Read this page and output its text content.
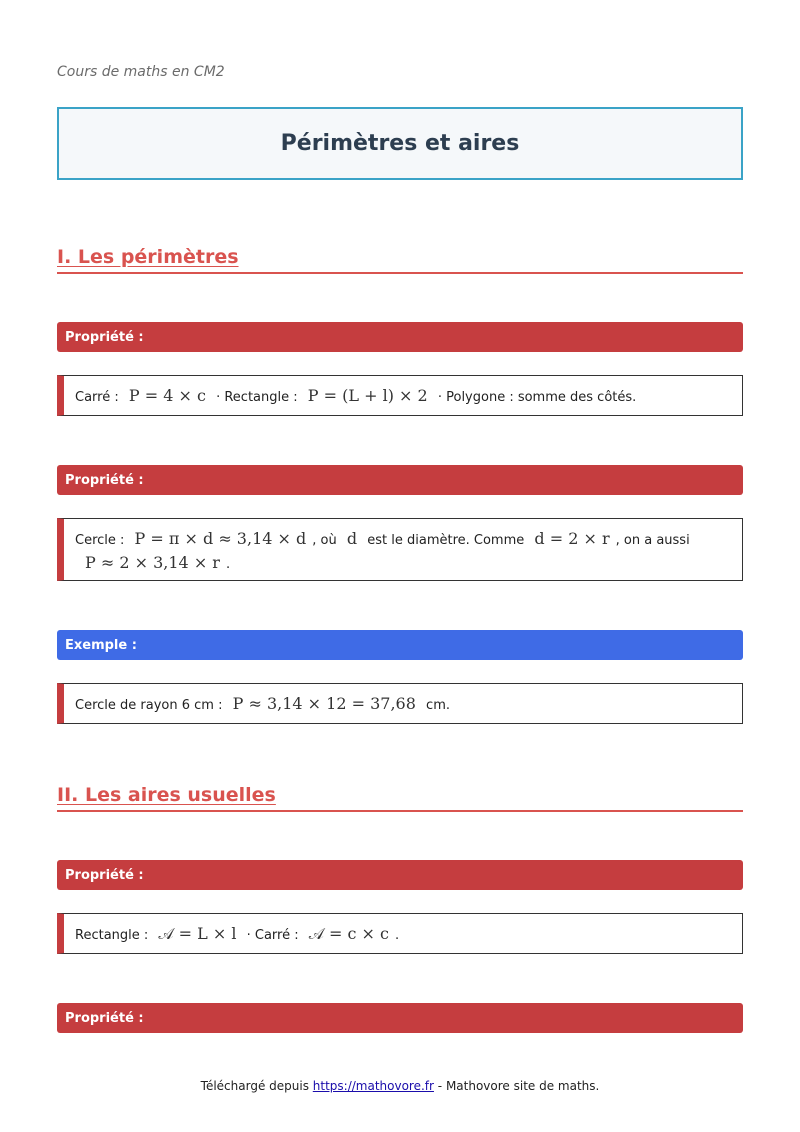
Cours de maths en CM2
Périmètres et aires
I. Les périmètres
Propriété :
Carré : P = 4 × c · Rectangle : P = (L + l) × 2 · Polygone : somme des côtés.
Propriété :
Cercle : P = π × d ≈ 3,14 × d , où d est le diamètre. Comme d = 2 × r , on a aussi
P ≈ 2 × 3,14 × r .
Exemple :
Cercle de rayon 6 cm : P ≈ 3,14 × 12 = 37,68 cm.
II. Les aires usuelles
Propriété :
Rectangle : 𝒜 = L × l · Carré : 𝒜 = c × c .
Propriété :
Téléchargé depuis https://mathovore.fr - Mathovore site de maths.
